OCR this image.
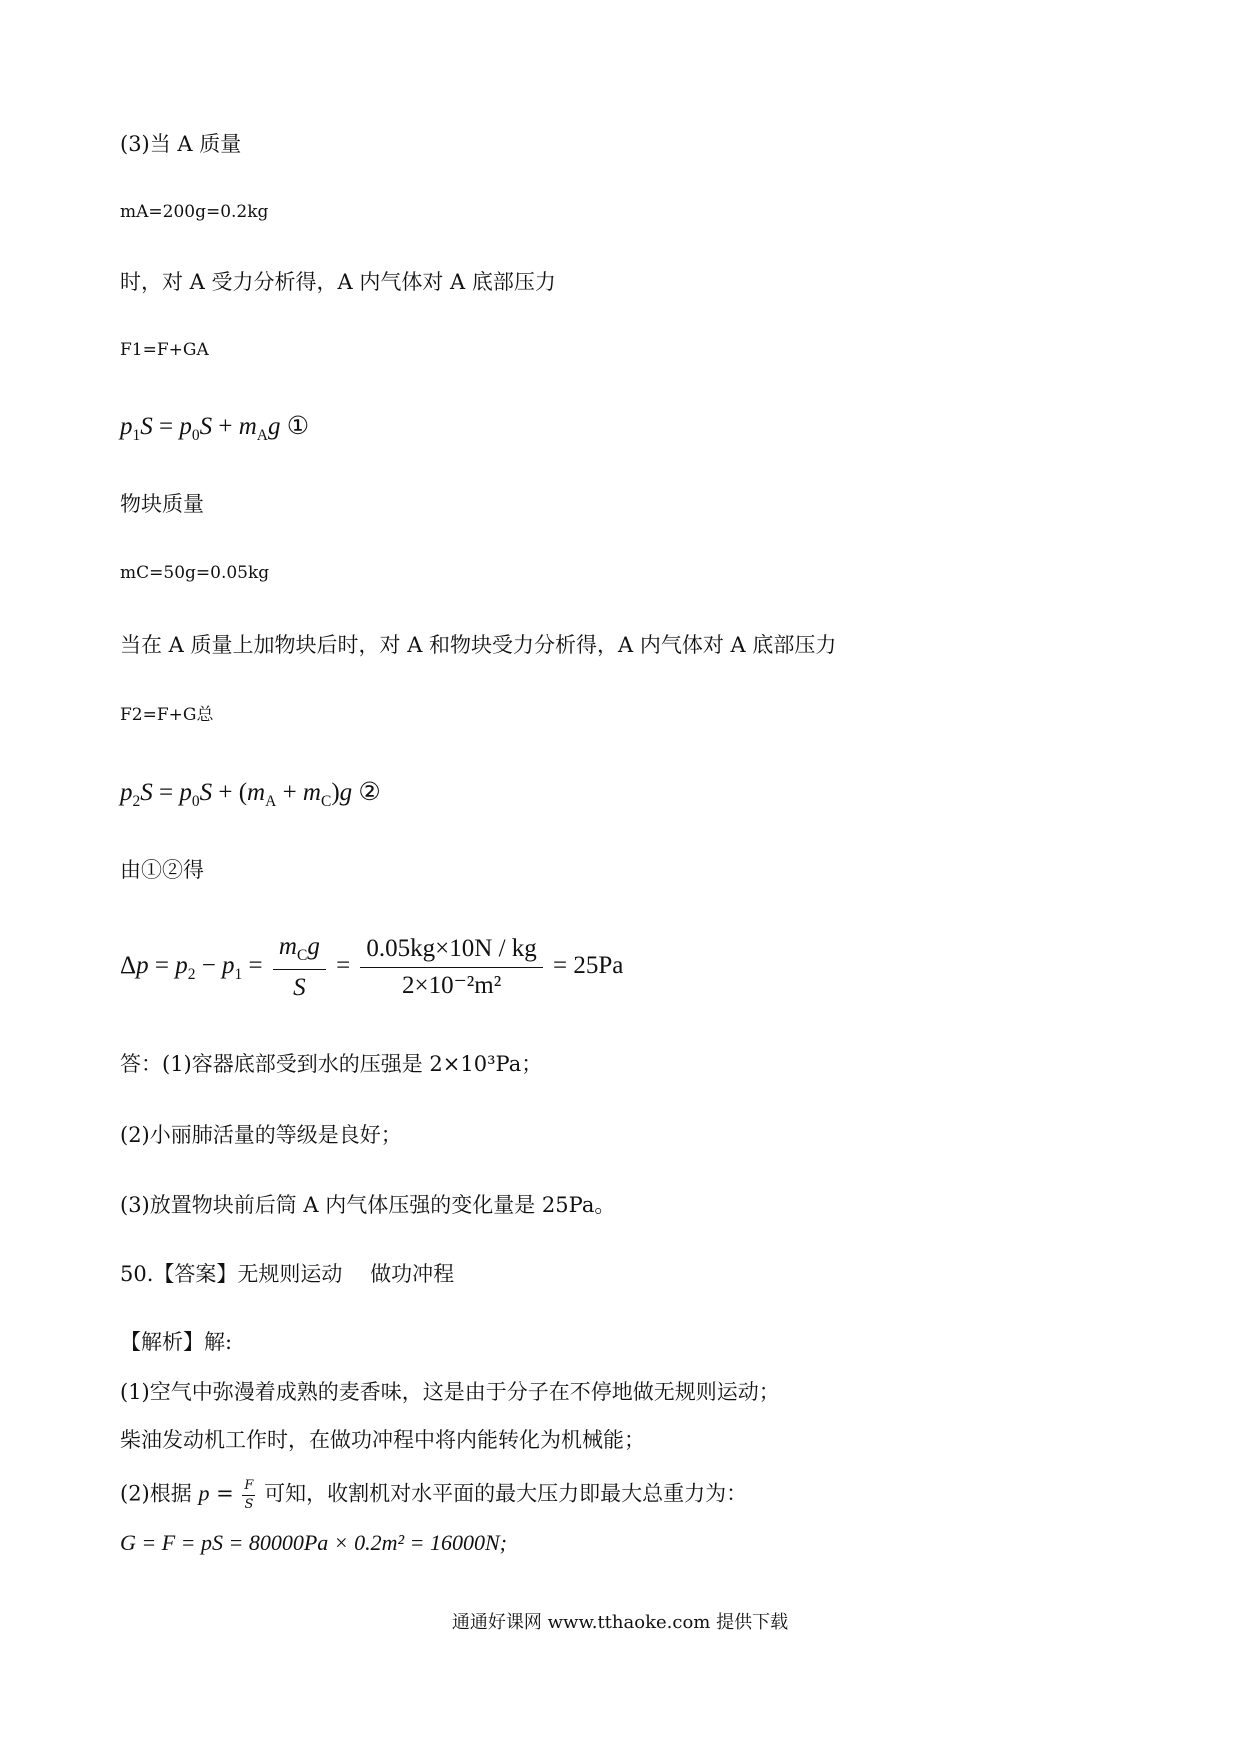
(3)当 A 质量
mA=200g=0.2kg
时，对 A 受力分析得，A 内气体对 A 底部压力
F1=F+GA
$p_1S = p_0S + m_Ag$ ①
物块质量
mC=50g=0.05kg
当在 A 质量上加物块后时，对 A 和物块受力分析得，A 内气体对 A 底部压力
F2=F+G总
$p_2S = p_0S + (m_A + m_C)g$ ②
由①②得
$\Delta p = p_2 - p_1 = \frac{m_Cg}{S} = \frac{0.05kg\times 10N / kg}{\text{2×10⁻²m²}} = 25Pa$
答：(1)容器底部受到水的压强是 2×10³Pa；
(2)小丽肺活量的等级是良好；
(3)放置物块前后筒 A 内气体压强的变化量是 25Pa。
50.【答案】无规则运动　 做功冲程
【解析】解:
(1)空气中弥漫着成熟的麦香味，这是由于分子在不停地做无规则运动；
柴油发动机工作时，在做功冲程中将内能转化为机械能；
(2)根据 $p = \frac{F}{S}$ 可知，收割机对水平面的最大压力即最大总重力为：
G = F = pS = 80000Pa × 0.2m² = 16000N;
通通好课网 www.tthaoke.com 提供下载
